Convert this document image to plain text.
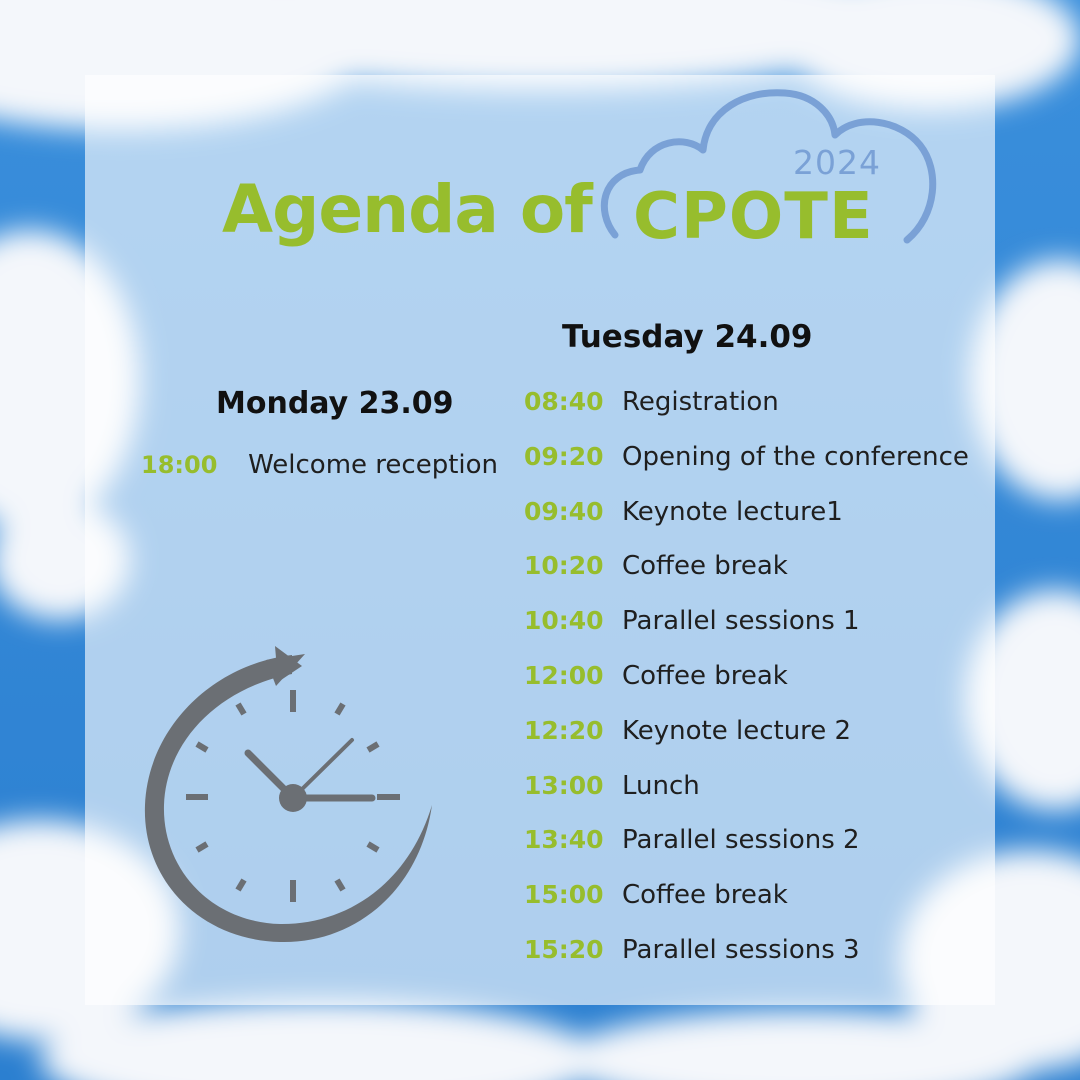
Agenda of
2024
CPOTE
Monday 23.09
18:00 Welcome reception
Tuesday 24.09
08:40 Registration
09:20 Opening of the conference
09:40 Keynote lecture1
10:20 Coffee break
10:40 Parallel sessions 1
12:00 Coffee break
12:20 Keynote lecture 2
13:00 Lunch
13:40 Parallel sessions 2
15:00 Coffee break
15:20 Parallel sessions 3
